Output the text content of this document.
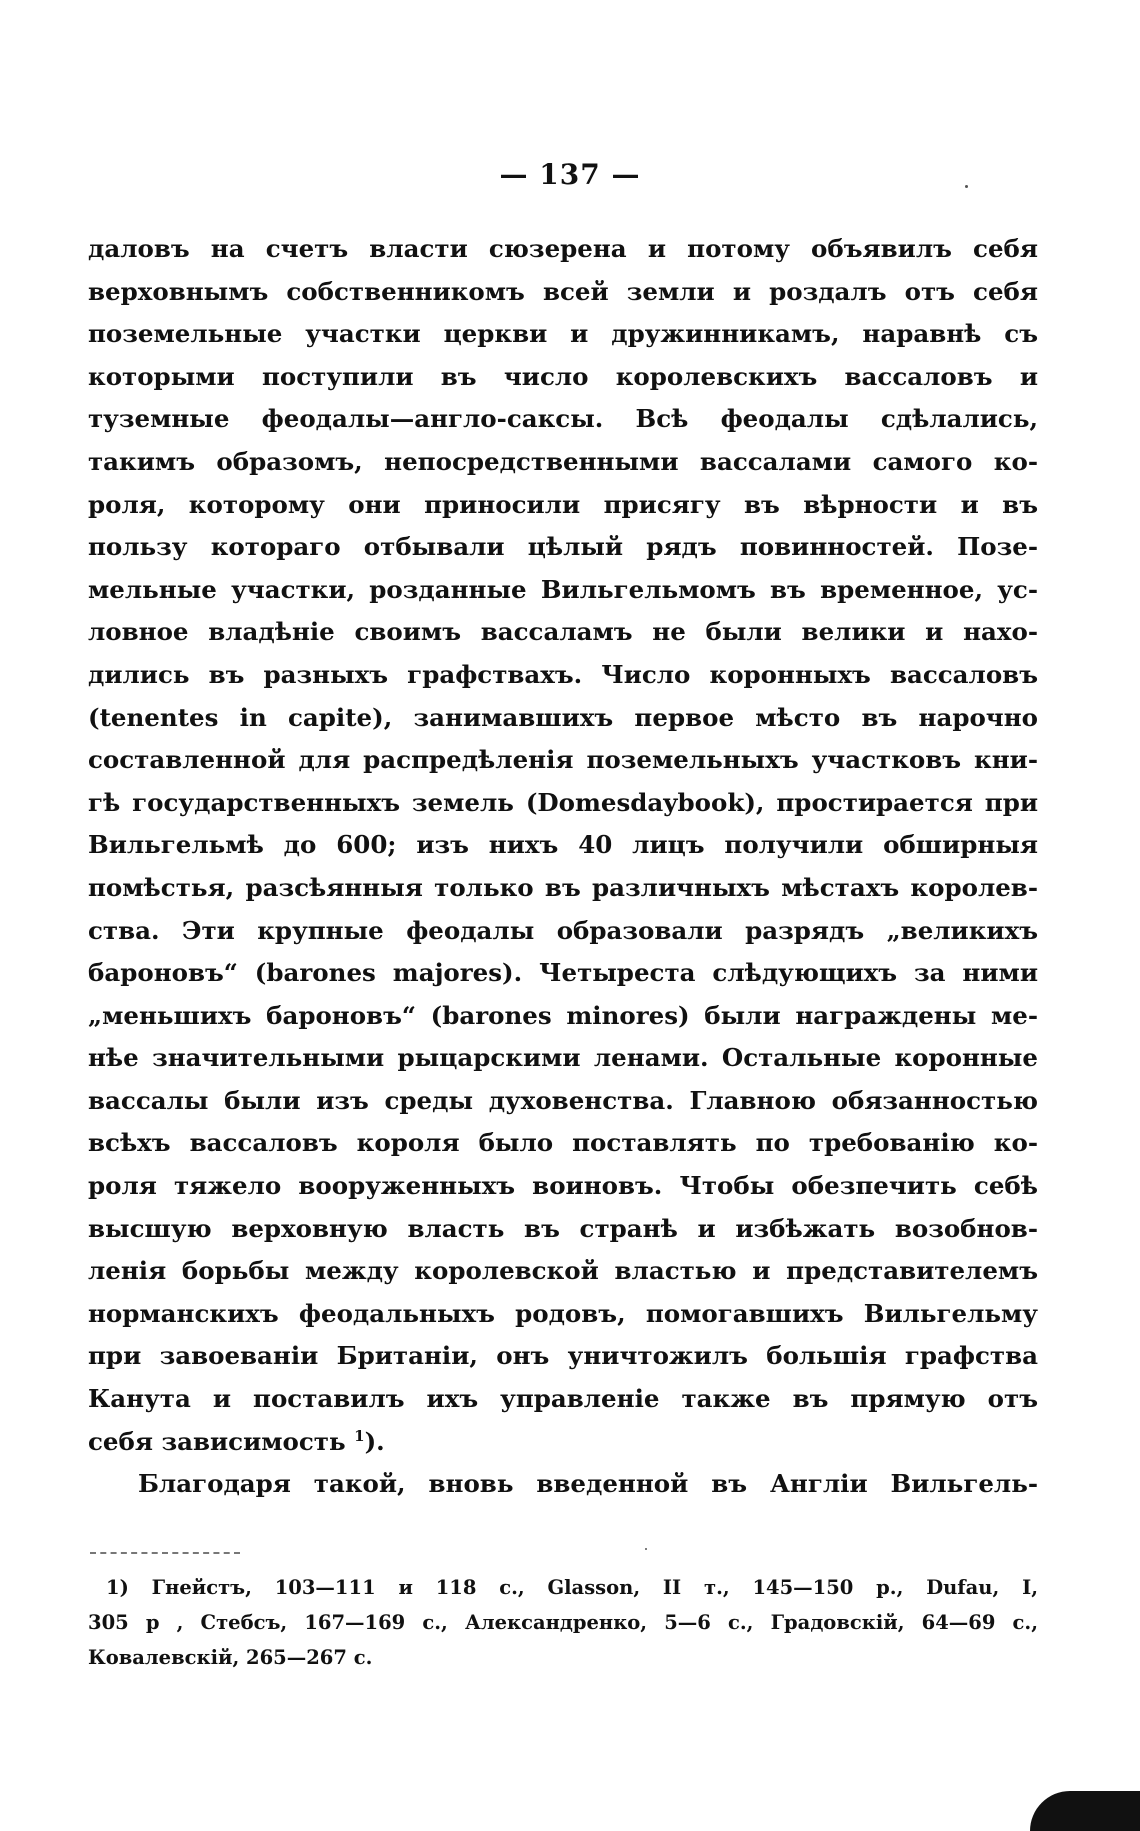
— 137 —
даловъ на счетъ власти сюзерена и потому объявилъ себя
верховнымъ собственникомъ всей земли и роздалъ отъ себя
поземельные участки церкви и дружинникамъ, наравнѣ съ
которыми поступили въ число королевскихъ вассаловъ и
туземные феодалы—англо-саксы. Всѣ феодалы сдѣлались,
такимъ образомъ, непосредственными вассалами самого ко-
роля, которому они приносили присягу въ вѣрности и въ
пользу котораго отбывали цѣлый рядъ повинностей. Позе-
мельные участки, розданные Вильгельмомъ въ временное, ус-
ловное владѣніе своимъ вассаламъ не были велики и нахо-
дились въ разныхъ графствахъ. Число коронныхъ вассаловъ
(tenentes in capite), занимавшихъ первое мѣсто въ нарочно
составленной для распредѣленія поземельныхъ участковъ кни-
гѣ государственныхъ земель (Domesdaybook), простирается при
Вильгельмѣ до 600; изъ нихъ 40 лицъ получили обширныя
помѣстья, разсѣянныя только въ различныхъ мѣстахъ королев-
ства. Эти крупные феодалы образовали разрядъ „великихъ
бароновъ“ (barones majores). Четыреста слѣдующихъ за ними
„меньшихъ бароновъ“ (barones minores) были награждены ме-
нѣе значительными рыцарскими ленами. Остальные коронные
вассалы были изъ среды духовенства. Главною обязанностью
всѣхъ вассаловъ короля было поставлять по требованію ко-
роля тяжело вооруженныхъ воиновъ. Чтобы обезпечить себѣ
высшую верховную власть въ странѣ и избѣжать возобнов-
ленія борьбы между королевской властью и представителемъ
норманскихъ феодальныхъ родовъ, помогавшихъ Вильгельму
при завоеваніи Британіи, онъ уничтожилъ большія графства
Канута и поставилъ ихъ управленіе также въ прямую отъ
себя зависимость $^1$).
Благодаря такой, вновь введенной въ Англіи Вильгель-
1) Гнейстъ, 103—111 и 118 с., Glasson, II т., 145—150 p., Dufau, I,
305 р , Стебсъ, 167—169 с., Александренко, 5—6 с., Градовскій, 64—69 с.,
Ковалевскій, 265—267 с.
